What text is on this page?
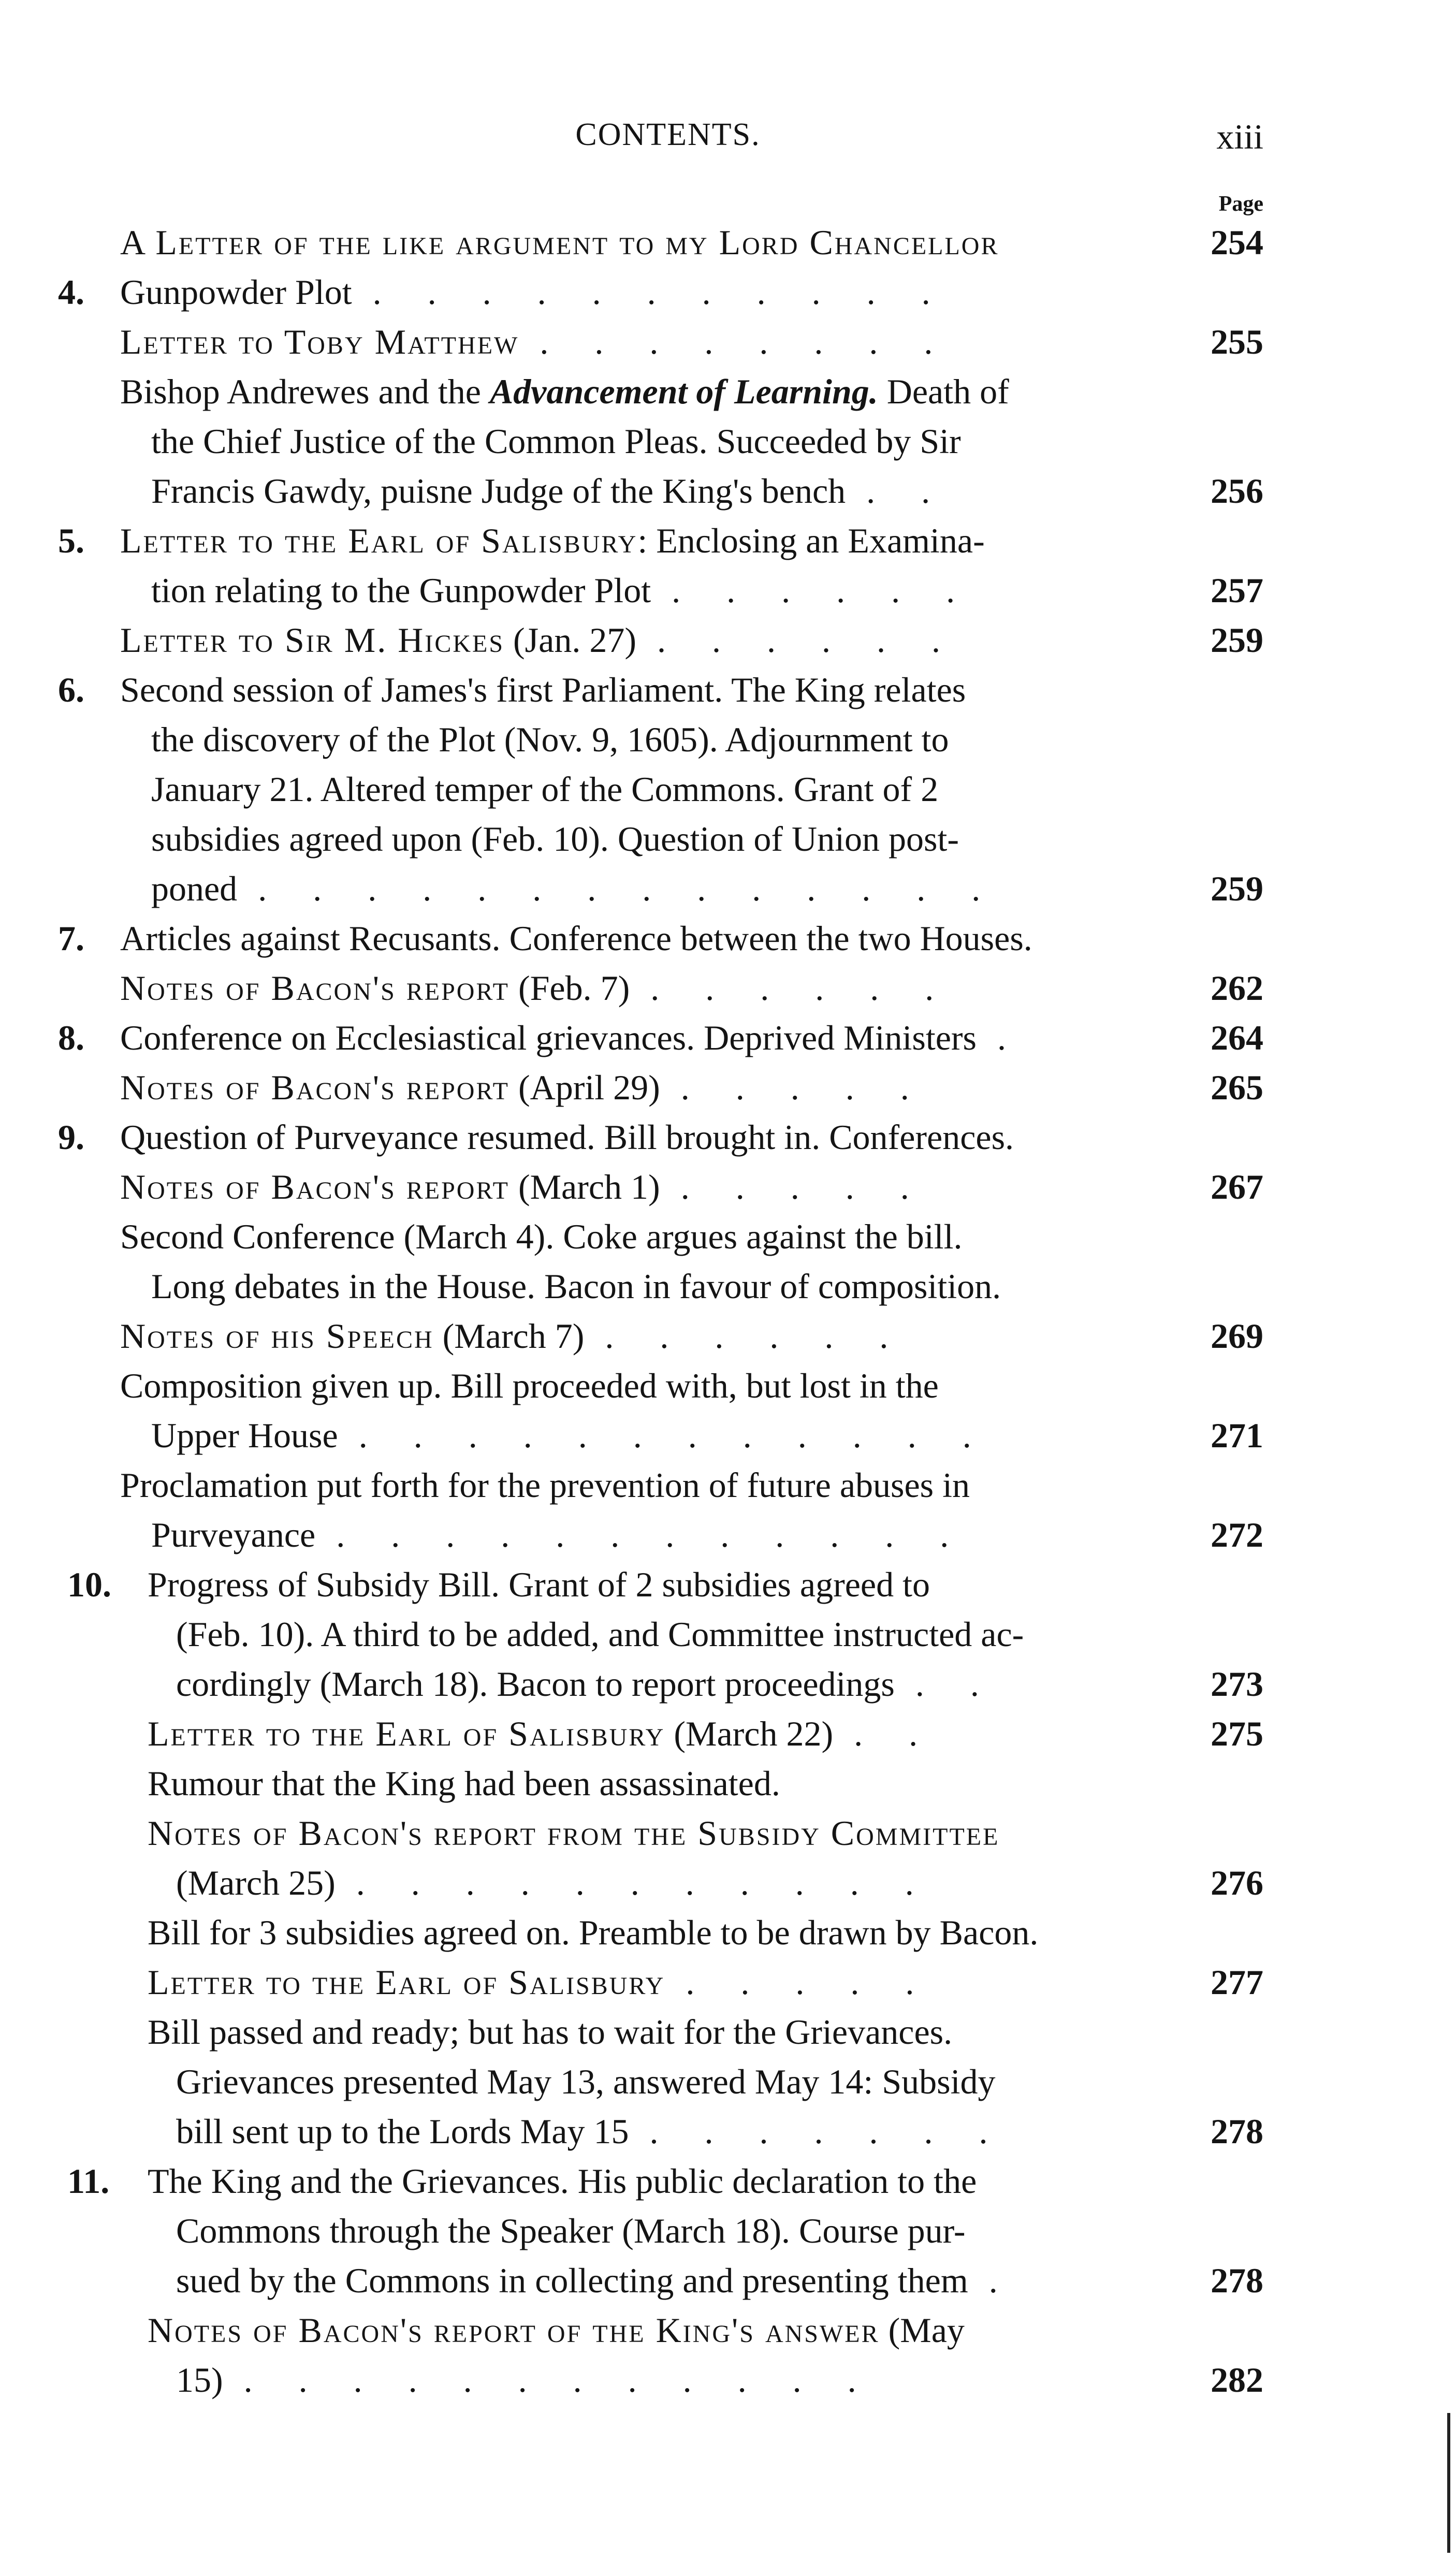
CONTENTS.	xiii
Page
A Letter of the like argument to my Lord Chancellor	254
4.	Gunpowder Plot . . . . . . . . . . .
Letter to Toby Matthew . . . . . . . .	255
Bishop Andrewes and the Advancement of Learning. Death of
the Chief Justice of the Common Pleas. Succeeded by Sir
Francis Gawdy, puisne Judge of the King's bench . .	256
5.	Letter to the Earl of Salisbury: Enclosing an Examina-
tion relating to the Gunpowder Plot . . . . . .	257
Letter to Sir M. Hickes (Jan. 27) . . . . . .	259
6.	Second session of James's first Parliament. The King relates
the discovery of the Plot (Nov. 9, 1605). Adjournment to
January 21. Altered temper of the Commons. Grant of 2
subsidies agreed upon (Feb. 10). Question of Union post-
poned . . . . . . . . . . . . . .	259
7.	Articles against Recusants. Conference between the two Houses.
Notes of Bacon's report (Feb. 7) . . . . . .	262
8.	Conference on Ecclesiastical grievances. Deprived Ministers .	264
Notes of Bacon's report (April 29) . . . . .	265
9.	Question of Purveyance resumed. Bill brought in. Conferences.
Notes of Bacon's report (March 1) . . . . .	267
Second Conference (March 4). Coke argues against the bill.
Long debates in the House. Bacon in favour of composition.
Notes of his Speech (March 7) . . . . . .	269
Composition given up. Bill proceeded with, but lost in the
Upper House . . . . . . . . . . . .	271
Proclamation put forth for the prevention of future abuses in
Purveyance . . . . . . . . . . . .	272
10.	Progress of Subsidy Bill. Grant of 2 subsidies agreed to
(Feb. 10). A third to be added, and Committee instructed ac-
cordingly (March 18). Bacon to report proceedings . .	273
Letter to the Earl of Salisbury (March 22) . .	275
Rumour that the King had been assassinated.
Notes of Bacon's report from the Subsidy Committee
(March 25) . . . . . . . . . . .	276
Bill for 3 subsidies agreed on. Preamble to be drawn by Bacon.
Letter to the Earl of Salisbury . . . . .	277
Bill passed and ready; but has to wait for the Grievances.
Grievances presented May 13, answered May 14: Subsidy
bill sent up to the Lords May 15 . . . . . . .	278
11.	The King and the Grievances. His public declaration to the
Commons through the Speaker (March 18). Course pur-
sued by the Commons in collecting and presenting them .	278
Notes of Bacon's report of the King's answer (May
15) . . . . . . . . . . . .	282
